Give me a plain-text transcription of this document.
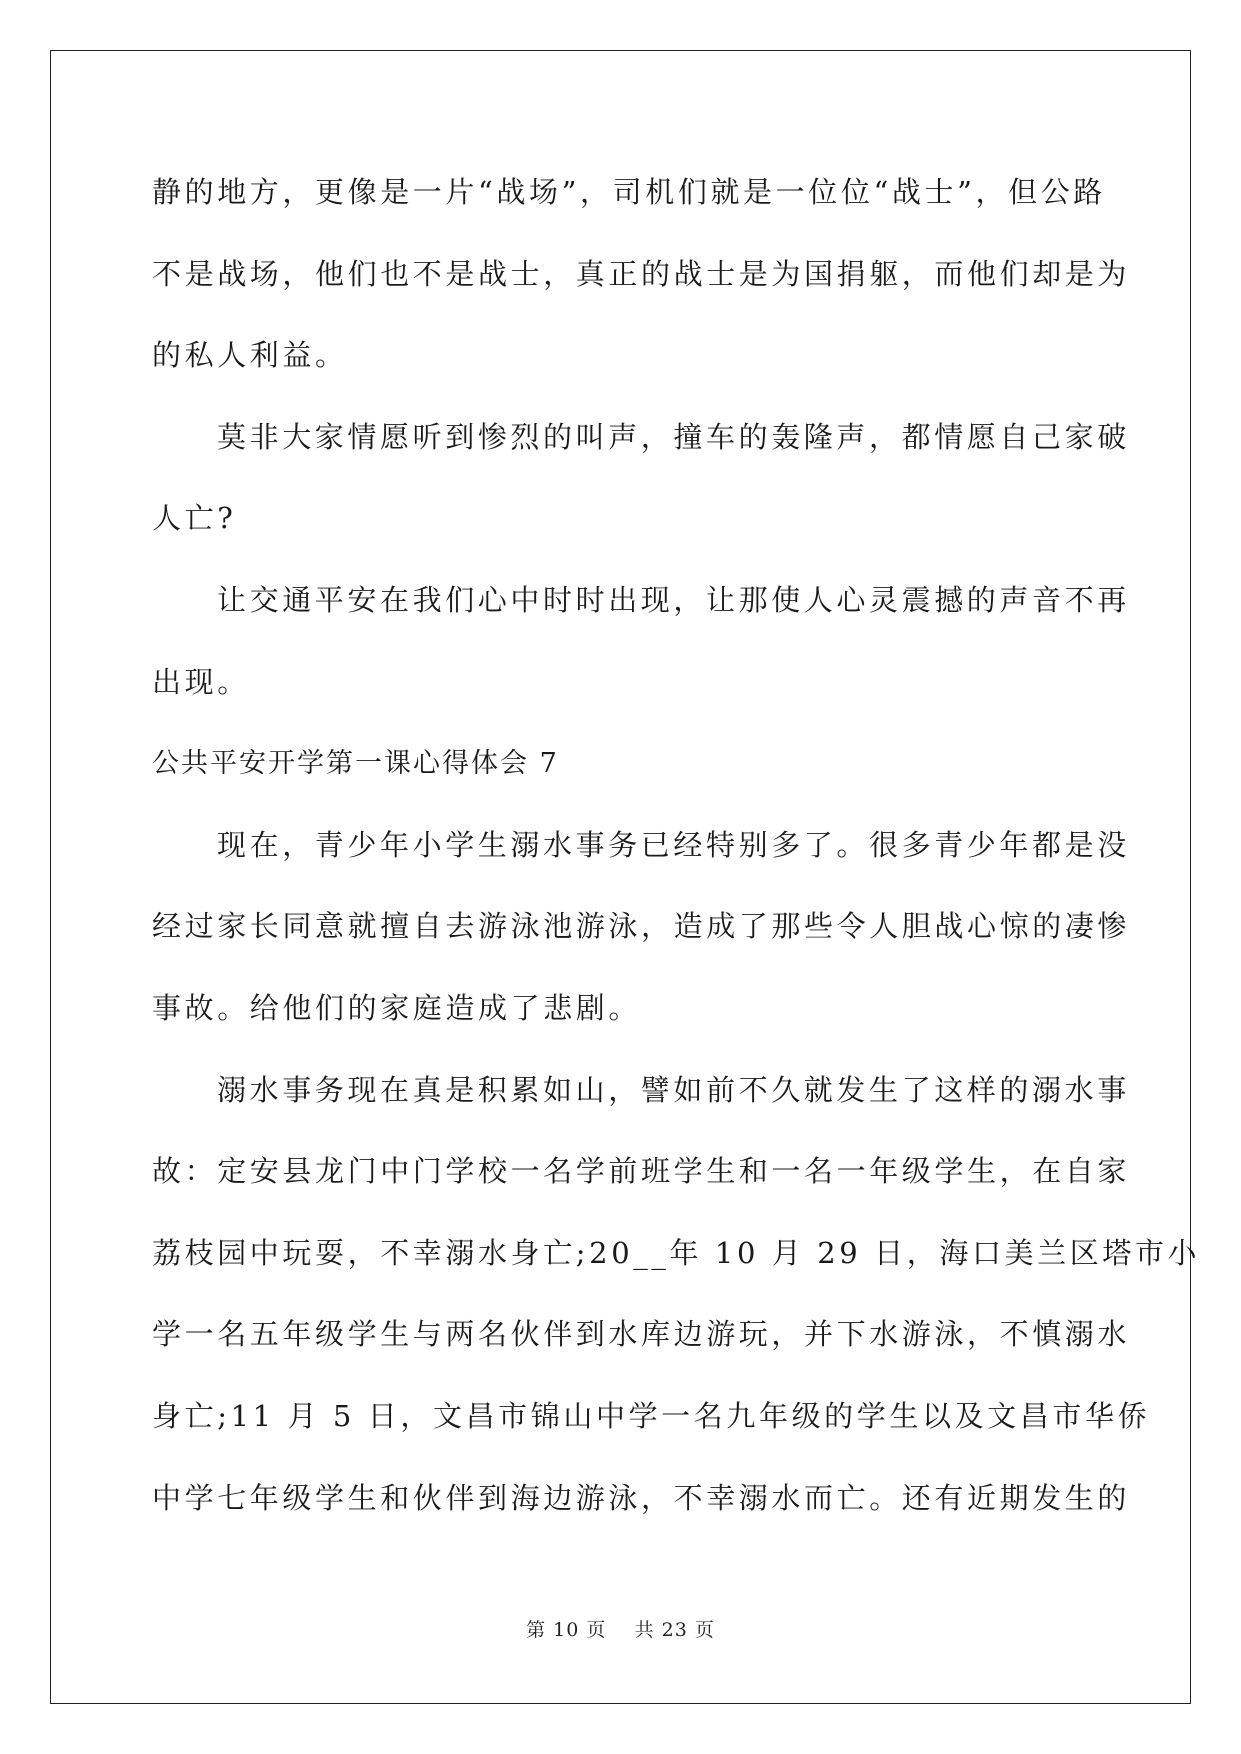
静的地方，更像是一片“战场”，司机们就是一位位“战士”，但公路

不是战场，他们也不是战士，真正的战士是为国捐躯，而他们却是为

的私人利益。

莫非大家情愿听到惨烈的叫声，撞车的轰隆声，都情愿自己家破

人亡?

让交通平安在我们心中时时出现，让那使人心灵震撼的声音不再

出现。

公共平安开学第一课心得体会 7

现在，青少年小学生溺水事务已经特别多了。很多青少年都是没

经过家长同意就擅自去游泳池游泳，造成了那些令人胆战心惊的凄惨

事故。给他们的家庭造成了悲剧。

溺水事务现在真是积累如山，譬如前不久就发生了这样的溺水事

故：定安县龙门中门学校一名学前班学生和一名一年级学生，在自家

荔枝园中玩耍，不幸溺水身亡;20__年 10 月 29 日，海口美兰区塔市小

学一名五年级学生与两名伙伴到水库边游玩，并下水游泳，不慎溺水

身亡;11 月 5 日，文昌市锦山中学一名九年级的学生以及文昌市华侨

中学七年级学生和伙伴到海边游泳，不幸溺水而亡。还有近期发生的

第 10 页 共 23 页
